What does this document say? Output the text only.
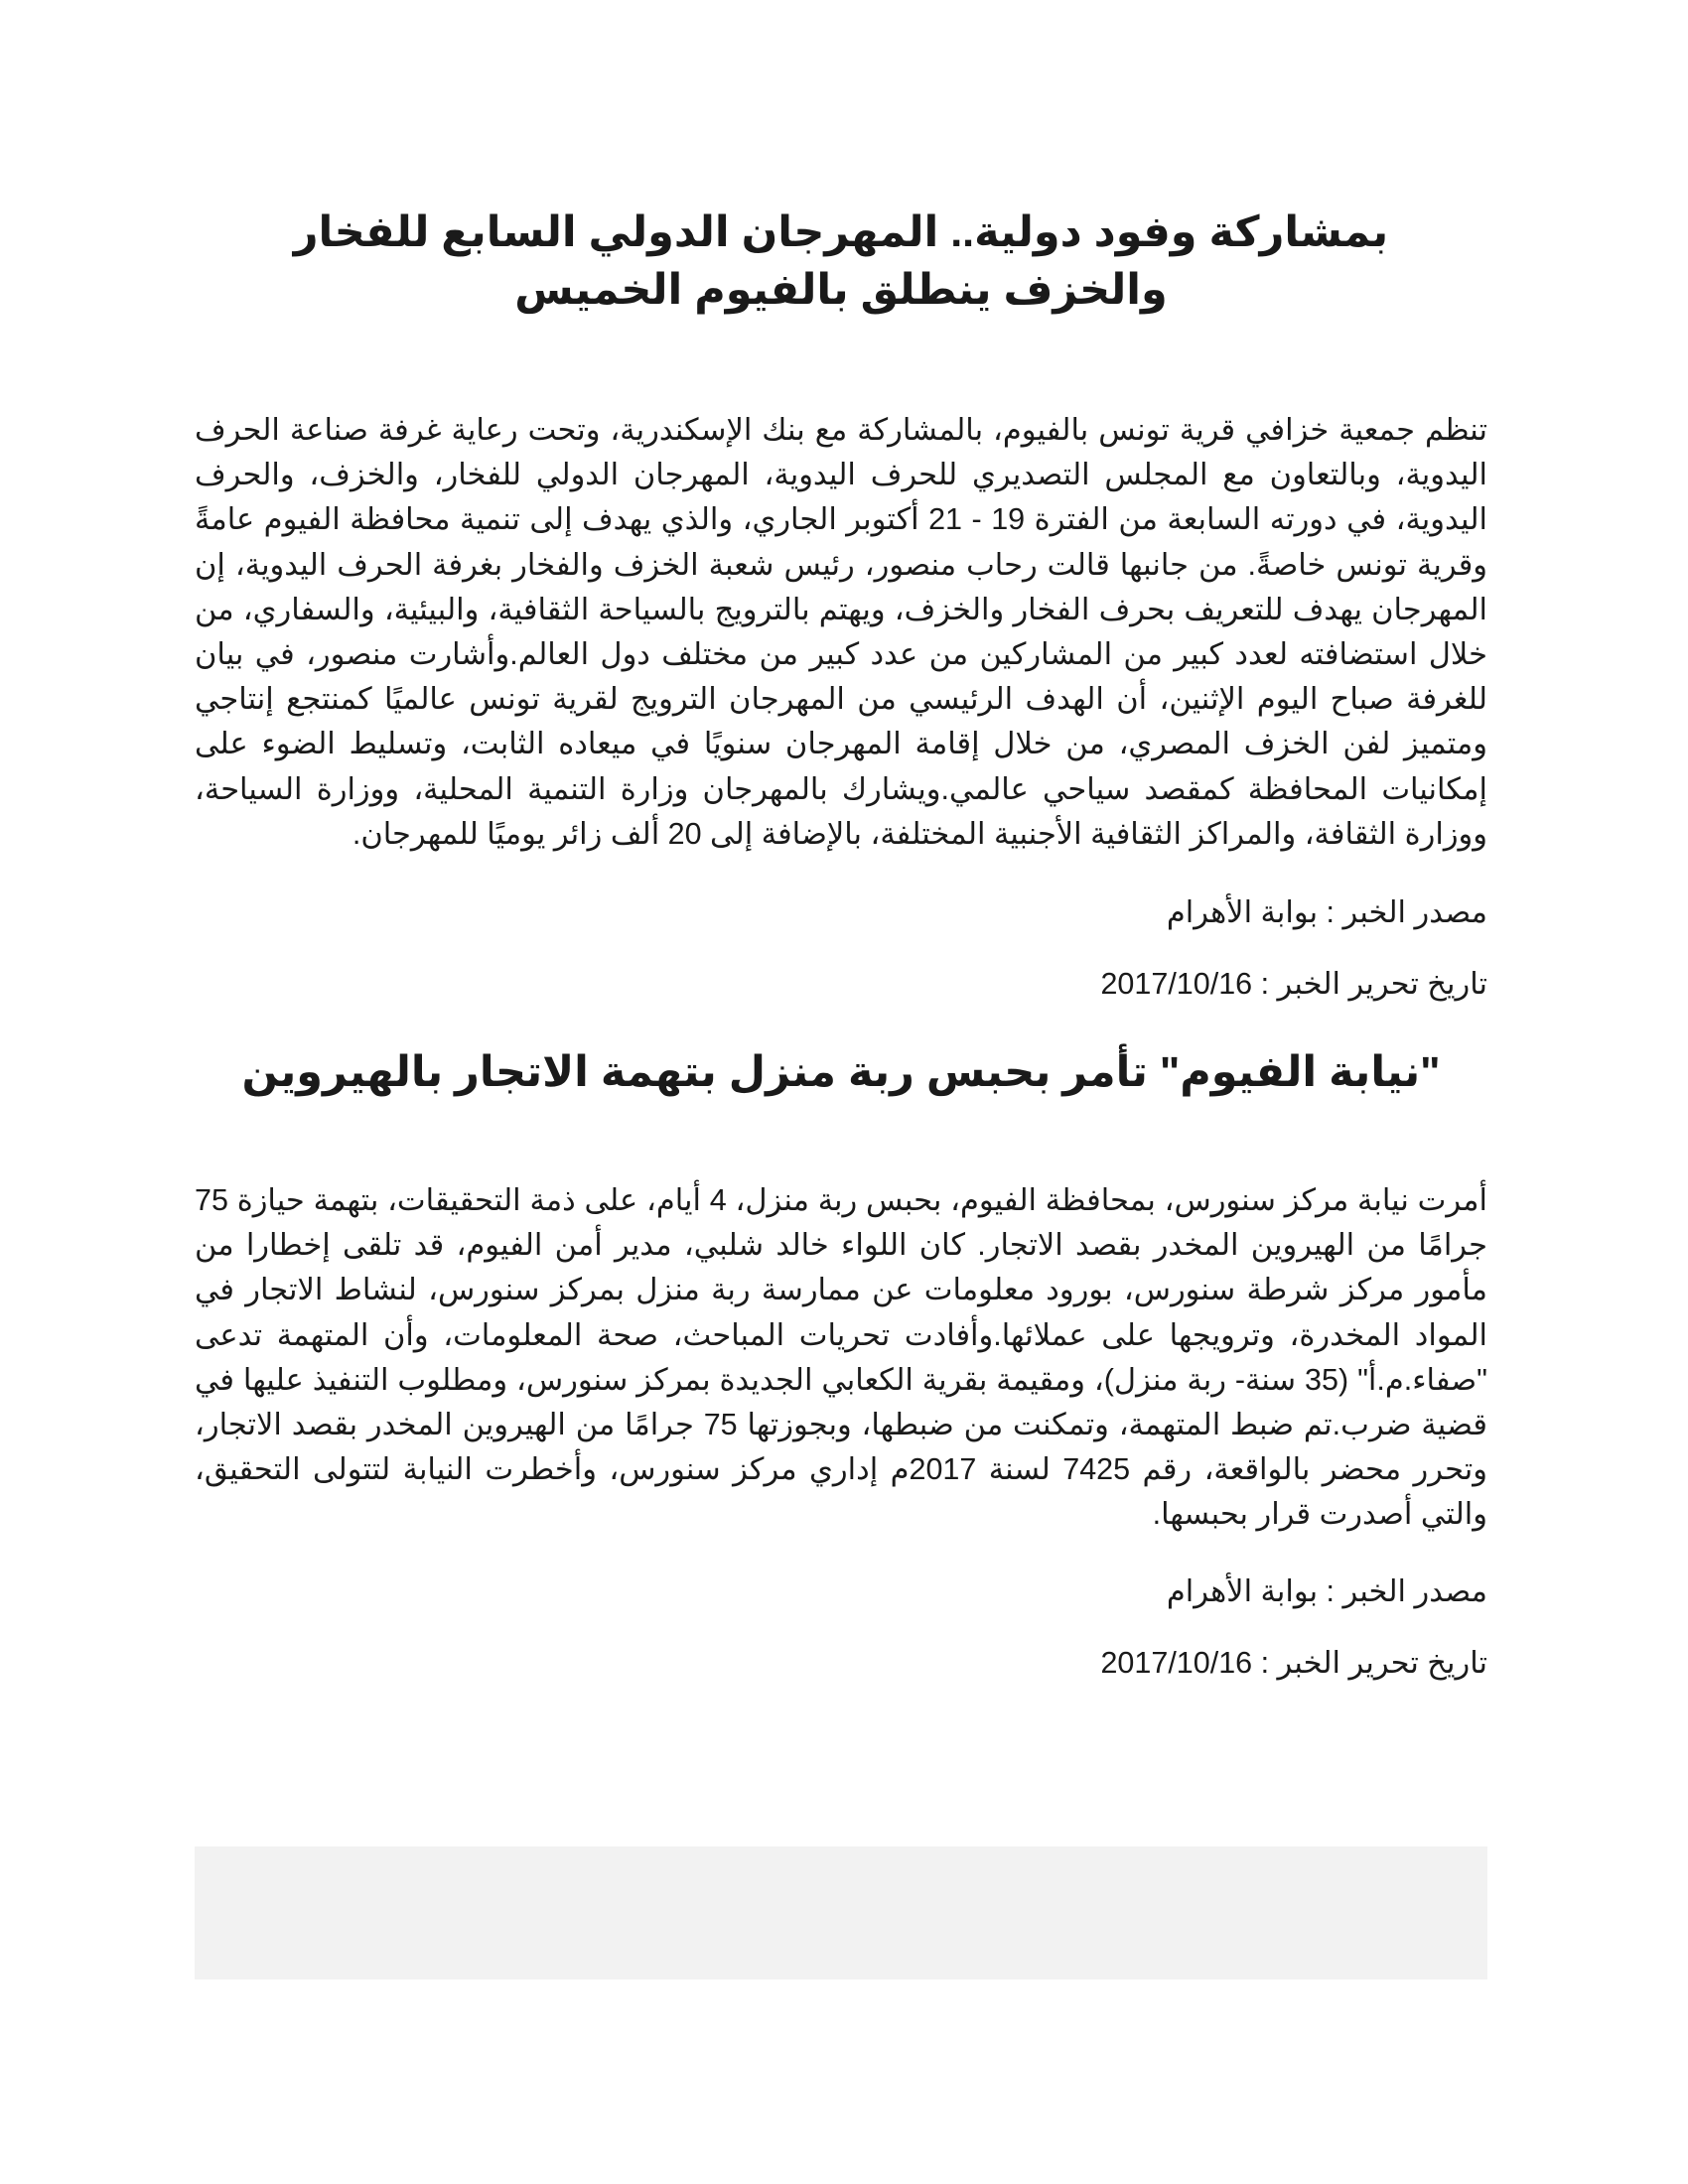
بمشاركة وفود دولية.. المهرجان الدولي السابع للفخار والخزف ينطلق بالفيوم الخميس

تنظم جمعية خزافي قرية تونس بالفيوم، بالمشاركة مع بنك الإسكندرية، وتحت رعاية غرفة صناعة الحرف اليدوية، وبالتعاون مع المجلس التصديري للحرف اليدوية، المهرجان الدولي للفخار، والخزف، والحرف اليدوية، في دورته السابعة من الفترة 19 - 21 أكتوبر الجاري، والذي يهدف إلى تنمية محافظة الفيوم عامةً وقرية تونس خاصةً. من جانبها قالت رحاب منصور، رئيس شعبة الخزف والفخار بغرفة الحرف اليدوية، إن المهرجان يهدف للتعريف بحرف الفخار والخزف، ويهتم بالترويج بالسياحة الثقافية، والبيئية، والسفاري، من خلال استضافته لعدد كبير من المشاركين من عدد كبير من مختلف دول العالم.وأشارت منصور، في بيان للغرفة صباح اليوم الإثنين، أن الهدف الرئيسي من المهرجان الترويج لقرية تونس عالميًا كمنتجع إنتاجي ومتميز لفن الخزف المصري، من خلال إقامة المهرجان سنويًا في ميعاده الثابت، وتسليط الضوء على إمكانيات المحافظة كمقصد سياحي عالمي.ويشارك بالمهرجان وزارة التنمية المحلية، ووزارة السياحة، ووزارة الثقافة، والمراكز الثقافية الأجنبية المختلفة، بالإضافة إلى 20 ألف زائر يوميًا للمهرجان.

مصدر الخبر : بوابة الأهرام

تاريخ تحرير الخبر : 2017/10/16

"نيابة الفيوم" تأمر بحبس ربة منزل بتهمة الاتجار بالهيروين

أمرت نيابة مركز سنورس، بمحافظة الفيوم، بحبس ربة منزل، 4 أيام، على ذمة التحقيقات، بتهمة حيازة 75 جرامًا من الهيروين المخدر بقصد الاتجار. كان اللواء خالد شلبي، مدير أمن الفيوم، قد تلقى إخطارا من مأمور مركز شرطة سنورس، بورود معلومات عن ممارسة ربة منزل بمركز سنورس، لنشاط الاتجار في المواد المخدرة، وترويجها على عملائها.وأفادت تحريات المباحث، صحة المعلومات، وأن المتهمة تدعى "صفاء.م.أ" (35 سنة- ربة منزل)، ومقيمة بقرية الكعابي الجديدة بمركز سنورس، ومطلوب التنفيذ عليها في قضية ضرب.تم ضبط المتهمة، وتمكنت من ضبطها، وبجوزتها 75 جرامًا من الهيروين المخدر بقصد الاتجار، وتحرر محضر بالواقعة، رقم 7425 لسنة 2017م إداري مركز سنورس، وأخطرت النيابة لتتولى التحقيق، والتي أصدرت قرار بحبسها.

مصدر الخبر : بوابة الأهرام

تاريخ تحرير الخبر : 2017/10/16
